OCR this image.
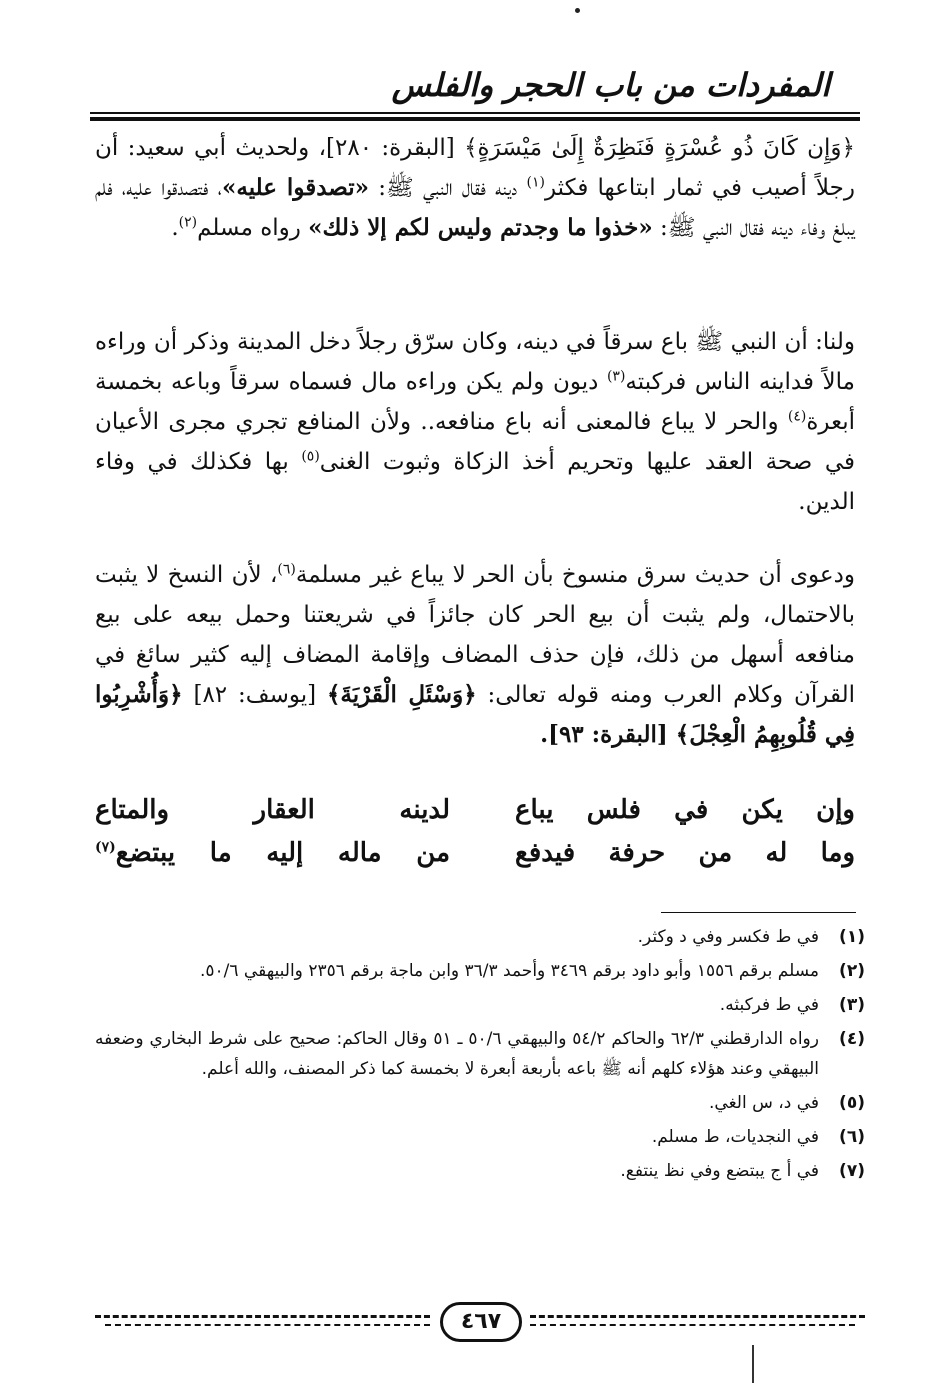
المفردات من باب الحجر والفلس
﴿وَإِن كَانَ ذُو عُسْرَةٍ فَنَظِرَةٌ إِلَىٰ مَيْسَرَةٍ﴾ [البقرة: ٢٨٠]، ولحديث أبي سعيد: أن رجلاً أصيب في ثمار ابتاعها فكثر$^{(١)}$ دينه فقال النبي ﷺ: «تصدقوا عليه»، فتصدقوا عليه، فلم يبلغ وفاء دينه فقال النبي ﷺ: «خذوا ما وجدتم وليس لكم إلا ذلك» رواه مسلم$^{(٢)}$.
ولنا: أن النبي ﷺ باع سرقاً في دينه، وكان سرّق رجلاً دخل المدينة وذكر أن وراءه مالاً فداينه الناس فركبته$^{(٣)}$ ديون ولم يكن وراءه مال فسماه سرقاً وباعه بخمسة أبعرة$^{(٤)}$ والحر لا يباع فالمعنى أنه باع منافعه.. ولأن المنافع تجري مجرى الأعيان في صحة العقد عليها وتحريم أخذ الزكاة وثبوت الغنى$^{(٥)}$ بها فكذلك في وفاء الدين.
ودعوى أن حديث سرق منسوخ بأن الحر لا يباع غير مسلمة$^{(٦)}$، لأن النسخ لا يثبت بالاحتمال، ولم يثبت أن بيع الحر كان جائزاً في شريعتنا وحمل بيعه على بيع منافعه أسهل من ذلك، فإن حذف المضاف وإقامة المضاف إليه كثير سائغ في القرآن وكلام العرب ومنه قوله تعالى: ﴿وَسْئَلِ الْقَرْيَةَ﴾ [يوسف: ٨٢] ﴿وَأُشْرِبُوا فِي قُلُوبِهِمُ الْعِجْلَ﴾ [البقرة: ٩٣].
وإن يكن في فلس يباع
لدينه العقار والمتاع
وما له من حرفة فيدفع
من ماله إليه ما يبتضع$^{(٧)}$
(١)
في ط فكسر وفي د وكثر.
(٢)
مسلم برقم ١٥٥٦ وأبو داود برقم ٣٤٦٩ وأحمد ٣٦/٣ وابن ماجة برقم ٢٣٥٦ والبيهقي ٥٠/٦.
(٣)
في ط فركبثه.
(٤)
رواه الدارقطني ٦٢/٣ والحاكم ٥٤/٢ والبيهقي ٥٠/٦ ـ ٥١ وقال الحاكم: صحيح على شرط البخاري وضعفه البيهقي وعند هؤلاء كلهم أنه ﷺ باعه بأربعة أبعرة لا بخمسة كما ذكر المصنف، والله أعلم.
(٥)
في د، س الغي.
(٦)
في النجديات، ط مسلم.
(٧)
في أ ج يبتضع وفي نظ ينتفع.
٤٦٧
